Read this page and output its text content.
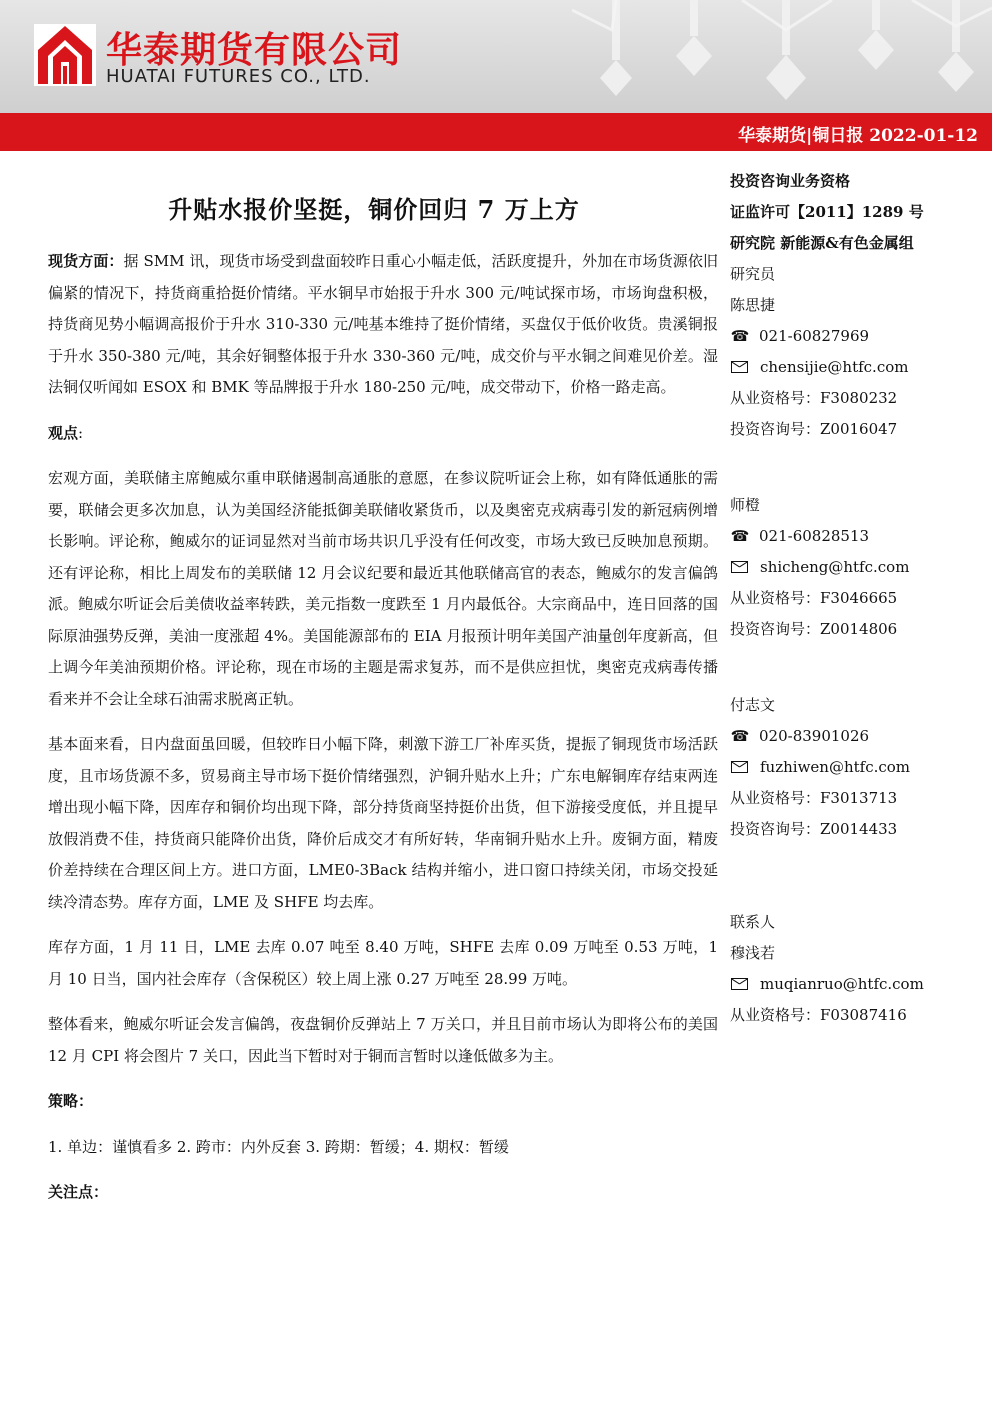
华泰期货有限公司
HUATAI FUTURES CO., LTD.
华泰期货|铜日报 2022-01-12
升贴水报价坚挺，铜价回归 7 万上方

现货方面：据 SMM 讯，现货市场受到盘面较昨日重心小幅走低，活跃度提升，外加在市场货源依旧偏紧的情况下，持货商重拾挺价情绪。平水铜早市始报于升水 300 元/吨试探市场，市场询盘积极，持货商见势小幅调高报价于升水 310-330 元/吨基本维持了挺价情绪，买盘仅于低价收货。贵溪铜报于升水 350-380 元/吨，其余好铜整体报于升水 330-360 元/吨，成交价与平水铜之间难见价差。湿法铜仅听闻如 ESOX 和 BMK 等品牌报于升水 180-250 元/吨，成交带动下，价格一路走高。

观点:

宏观方面，美联储主席鲍威尔重申联储遏制高通胀的意愿，在参议院听证会上称，如有降低通胀的需要，联储会更多次加息，认为美国经济能抵御美联储收紧货币，以及奥密克戎病毒引发的新冠病例增长影响。评论称，鲍威尔的证词显然对当前市场共识几乎没有任何改变，市场大致已反映加息预期。还有评论称，相比上周发布的美联储 12 月会议纪要和最近其他联储高官的表态，鲍威尔的发言偏鸽派。鲍威尔听证会后美债收益率转跌，美元指数一度跌至 1 月内最低谷。大宗商品中，连日回落的国际原油强势反弹，美油一度涨超 4%。美国能源部布的 EIA 月报预计明年美国产油量创年度新高，但上调今年美油预期价格。评论称，现在市场的主题是需求复苏，而不是供应担忧，奥密克戎病毒传播看来并不会让全球石油需求脱离正轨。

基本面来看，日内盘面虽回暖，但较昨日小幅下降，刺激下游工厂补库买货，提振了铜现货市场活跃度，且市场货源不多，贸易商主导市场下挺价情绪强烈，沪铜升贴水上升；广东电解铜库存结束两连增出现小幅下降，因库存和铜价均出现下降，部分持货商坚持挺价出货，但下游接受度低，并且提早放假消费不佳，持货商只能降价出货，降价后成交才有所好转，华南铜升贴水上升。废铜方面，精废价差持续在合理区间上方。进口方面，LME0-3Back 结构并缩小，进口窗口持续关闭，市场交投延续冷清态势。库存方面，LME 及 SHFE 均去库。

库存方面，1 月 11 日，LME 去库 0.07 吨至 8.40 万吨，SHFE 去库 0.09 万吨至 0.53 万吨，1 月 10 日当，国内社会库存（含保税区）较上周上涨 0.27 万吨至 28.99 万吨。

整体看来，鲍威尔听证会发言偏鸽，夜盘铜价反弹站上 7 万关口，并且目前市场认为即将公布的美国 12 月 CPI 将会图片 7 关口，因此当下暂时对于铜而言暂时以逢低做多为主。

策略：

1. 单边：谨慎看多 2. 跨市：内外反套 3. 跨期：暂缓；4. 期权：暂缓

关注点：

投资咨询业务资格
证监许可【2011】1289 号
研究院 新能源&有色金属组
研究员
陈思捷
☎ 021-60827969
chensijie@htfc.com
从业资格号：F3080232
投资咨询号：Z0016047
师橙
☎ 021-60828513
shicheng@htfc.com
从业资格号：F3046665
投资咨询号：Z0014806
付志文
☎ 020-83901026
fuzhiwen@htfc.com
从业资格号：F3013713
投资咨询号：Z0014433
联系人
穆浅若
muqianruo@htfc.com
从业资格号：F03087416
